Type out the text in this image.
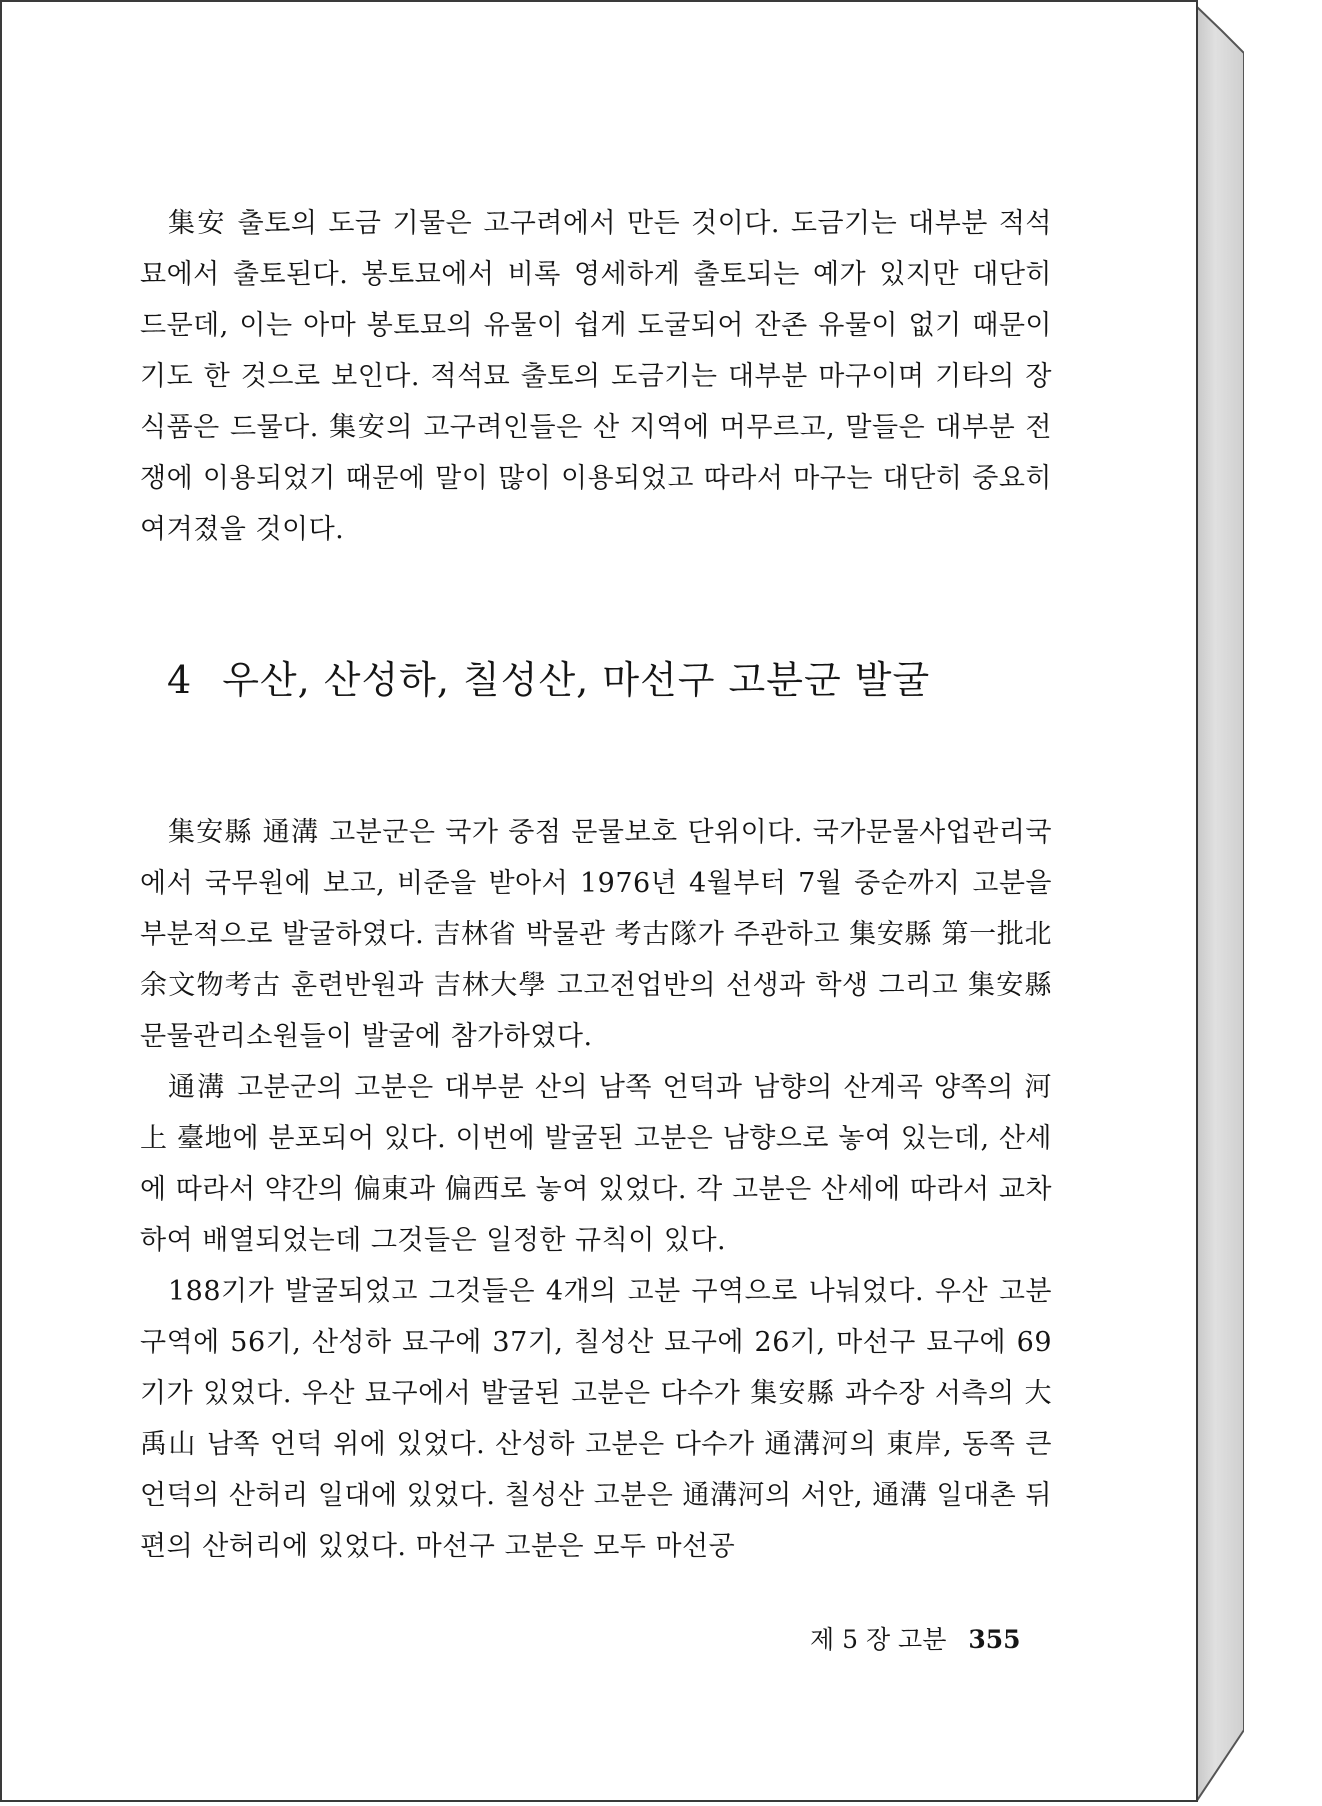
集安 출토의 도금 기물은 고구려에서 만든 것이다. 도금기는 대부분 적석묘에서 출토된다. 봉토묘에서 비록 영세하게 출토되는 예가 있지만 대단히 드문데, 이는 아마 봉토묘의 유물이 쉽게 도굴되어 잔존 유물이 없기 때문이기도 한 것으로 보인다. 적석묘 출토의 도금기는 대부분 마구이며 기타의 장식품은 드물다. 集安의 고구려인들은 산 지역에 머무르고, 말들은 대부분 전쟁에 이용되었기 때문에 말이 많이 이용되었고 따라서 마구는 대단히 중요히 여겨졌을 것이다.

4 우산, 산성하, 칠성산, 마선구 고분군 발굴

集安縣 通溝 고분군은 국가 중점 문물보호 단위이다. 국가문물사업관리국에서 국무원에 보고, 비준을 받아서 1976년 4월부터 7월 중순까지 고분을 부분적으로 발굴하였다. 吉林省 박물관 考古隊가 주관하고 集安縣 第一批北余文物考古 훈련반원과 吉林大學 고고전업반의 선생과 학생 그리고 集安縣 문물관리소원들이 발굴에 참가하였다.

通溝 고분군의 고분은 대부분 산의 남쪽 언덕과 남향의 산계곡 양쪽의 河上 臺地에 분포되어 있다. 이번에 발굴된 고분은 남향으로 놓여 있는데, 산세에 따라서 약간의 偏東과 偏西로 놓여 있었다. 각 고분은 산세에 따라서 교차하여 배열되었는데 그것들은 일정한 규칙이 있다.

188기가 발굴되었고 그것들은 4개의 고분 구역으로 나눠었다. 우산 고분 구역에 56기, 산성하 묘구에 37기, 칠성산 묘구에 26기, 마선구 묘구에 69기가 있었다. 우산 묘구에서 발굴된 고분은 다수가 集安縣 과수장 서측의 大禹山 남쪽 언덕 위에 있었다. 산성하 고분은 다수가 通溝河의 東岸, 동쪽 큰 언덕의 산허리 일대에 있었다. 칠성산 고분은 通溝河의 서안, 通溝 일대촌 뒤편의 산허리에 있었다. 마선구 고분은 모두 마선공

제 5 장 고분 355
